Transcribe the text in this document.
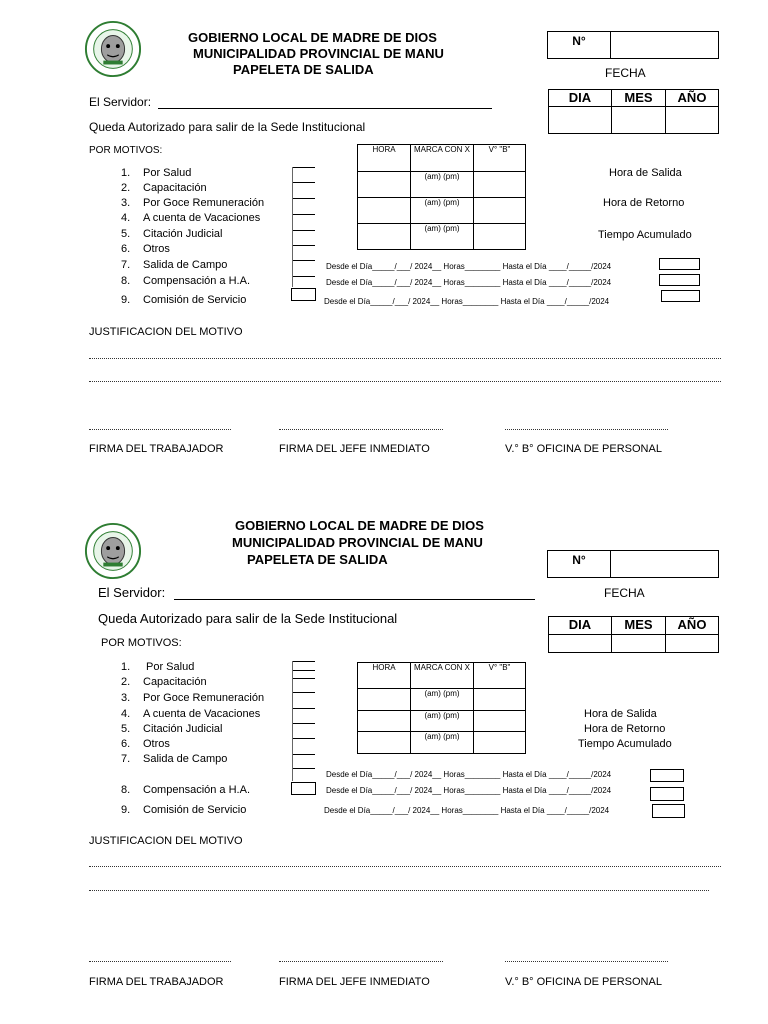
GOBIERNO LOCAL DE MADRE DE DIOS
MUNICIPALIDAD PROVINCIAL DE MANU
PAPELETA DE SALIDA
N°	
FECHA
DIA	MES	AÑO

El Servidor:
Queda Autorizado para salir de la Sede Institucional
POR MOTIVOS:
1. Por Salud
2. Capacitación
3. Por Goce Remuneración
4. A cuenta de Vacaciones
5. Citación Judicial
6. Otros
7. Salida de Campo
8. Compensación a H.A.
9. Comisión de Servicio
HORA	MARCA CON X	V° "B"
	(am) (pm)	
	(am) (pm)	
	(am) (pm)	
Hora de Salida
Hora de Retorno
Tiempo Acumulado
Desde el Día_____/___/ 2024__ Horas________ Hasta el Día ____/_____/2024
Desde el Día_____/___/ 2024__ Horas________ Hasta el Día ____/_____/2024
Desde el Día_____/___/ 2024__ Horas________ Hasta el Día ____/_____/2024
JUSTIFICACION DEL MOTIVO
FIRMA DEL TRABAJADOR	FIRMA DEL JEFE INMEDIATO	V.° B° OFICINA DE PERSONAL
GOBIERNO LOCAL DE MADRE DE DIOS
MUNICIPALIDAD PROVINCIAL DE MANU
PAPELETA DE SALIDA	N°	
FECHA
DIA	MES	AÑO

El Servidor:
Queda Autorizado para salir de la Sede Institucional
POR MOTIVOS:
1. Por Salud
2. Capacitación
3. Por Goce Remuneración
4. A cuenta de Vacaciones
5. Citación Judicial
6. Otros
7. Salida de Campo
8. Compensación a H.A.
9. Comisión de Servicio
HORA	MARCA CON X	V° "B"
	(am) (pm)	
	(am) (pm)	
	(am) (pm)	
Hora de Salida
Hora de Retorno
Tiempo Acumulado
Desde el Día_____/___/ 2024__ Horas________ Hasta el Día ____/_____/2024
Desde el Día_____/___/ 2024__ Horas________ Hasta el Día ____/_____/2024
Desde el Día_____/___/ 2024__ Horas________ Hasta el Día ____/_____/2024
JUSTIFICACION DEL MOTIVO
FIRMA DEL TRABAJADOR	FIRMA DEL JEFE INMEDIATO	V.° B° OFICINA DE PERSONAL
